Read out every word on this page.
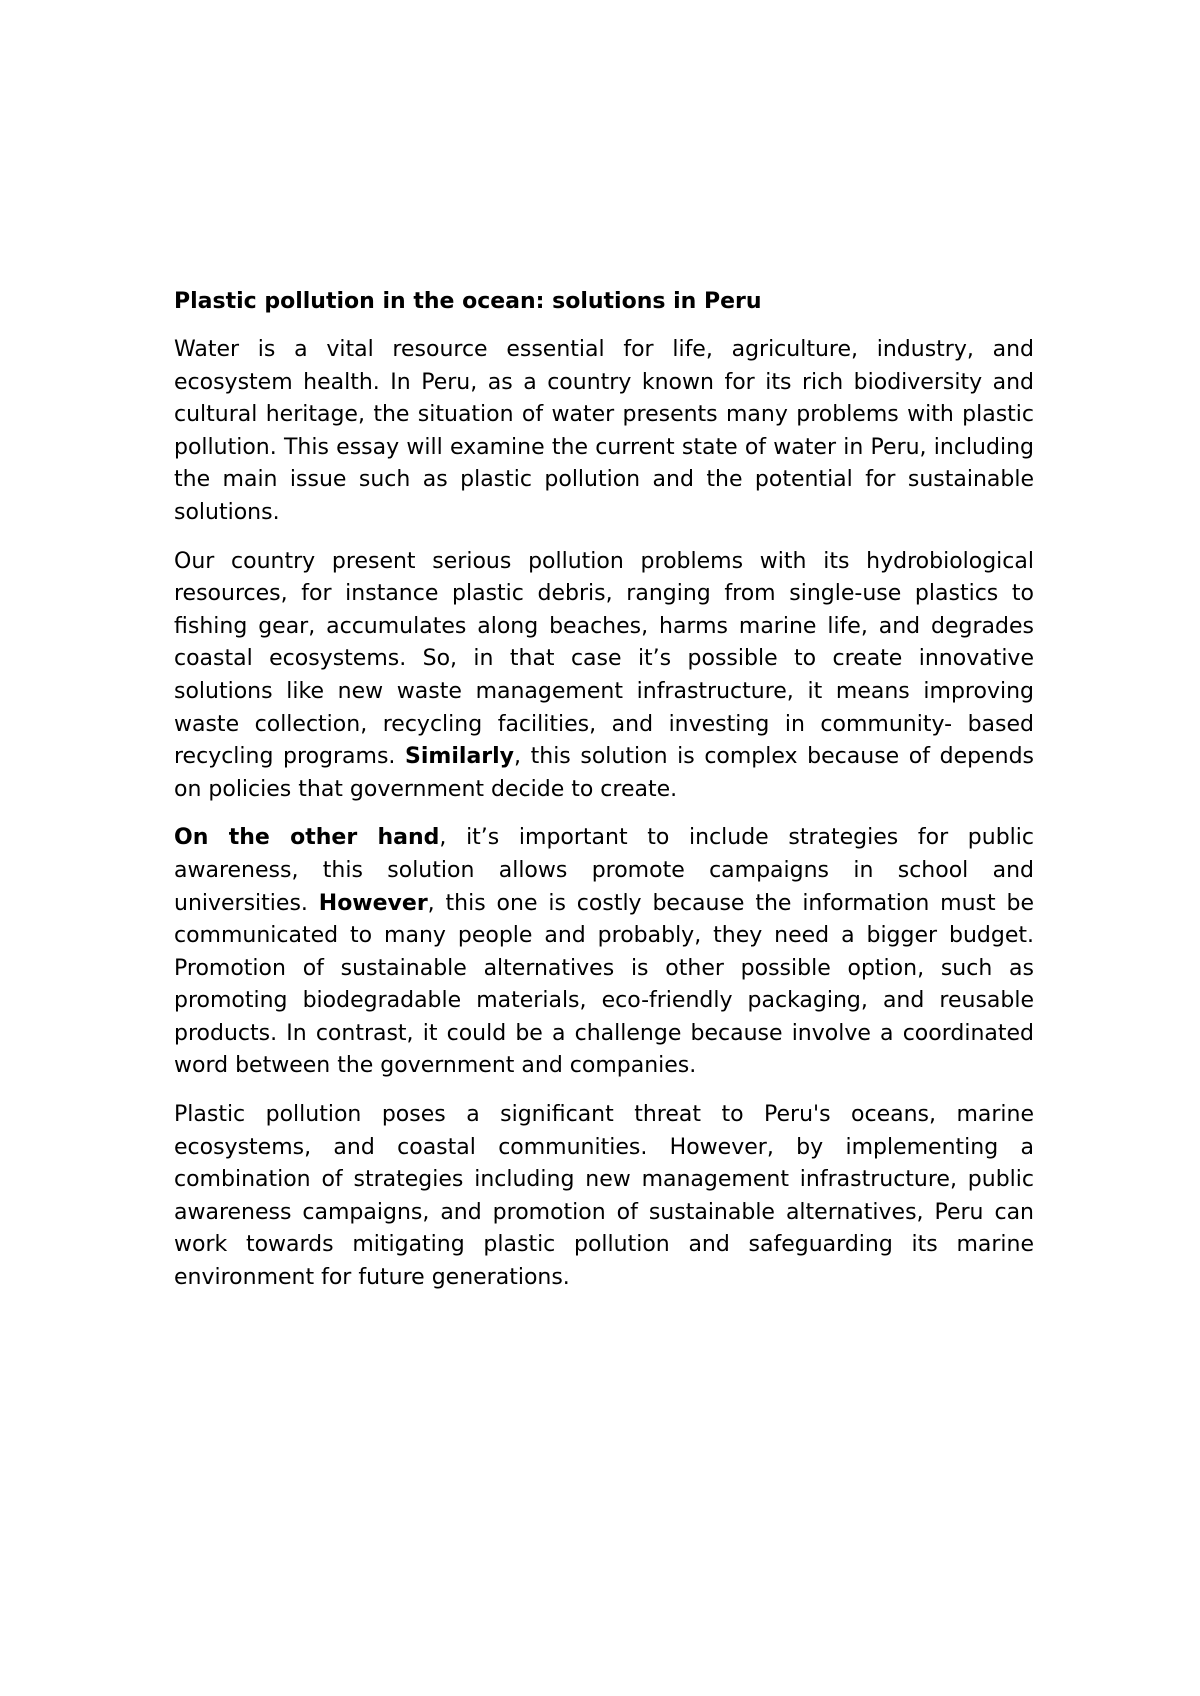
Plastic pollution in the ocean: solutions in Peru

Water is a vital resource essential for life, agriculture, industry, and ecosystem health. In Peru, as a country known for its rich biodiversity and cultural heritage, the situation of water presents many problems with plastic pollution. This essay will examine the current state of water in Peru, including the main issue such as plastic pollution and the potential for sustainable solutions.

Our country present serious pollution problems with its hydrobiological resources, for instance plastic debris, ranging from single-use plastics to fishing gear, accumulates along beaches, harms marine life, and degrades coastal ecosystems. So, in that case it’s possible to create innovative solutions like new waste management infrastructure, it means improving waste collection, recycling facilities, and investing in community- based recycling programs. Similarly, this solution is complex because of depends on policies that government decide to create.

On the other hand, it’s important to include strategies for public awareness, this solution allows promote campaigns in school and universities. However, this one is costly because the information must be communicated to many people and probably, they need a bigger budget. Promotion of sustainable alternatives is other possible option, such as promoting biodegradable materials, eco-friendly packaging, and reusable products. In contrast, it could be a challenge because involve a coordinated word between the government and companies.

Plastic pollution poses a significant threat to Peru's oceans, marine ecosystems, and coastal communities. However, by implementing a combination of strategies including new management infrastructure, public awareness campaigns, and promotion of sustainable alternatives, Peru can work towards mitigating plastic pollution and safeguarding its marine environment for future generations.
